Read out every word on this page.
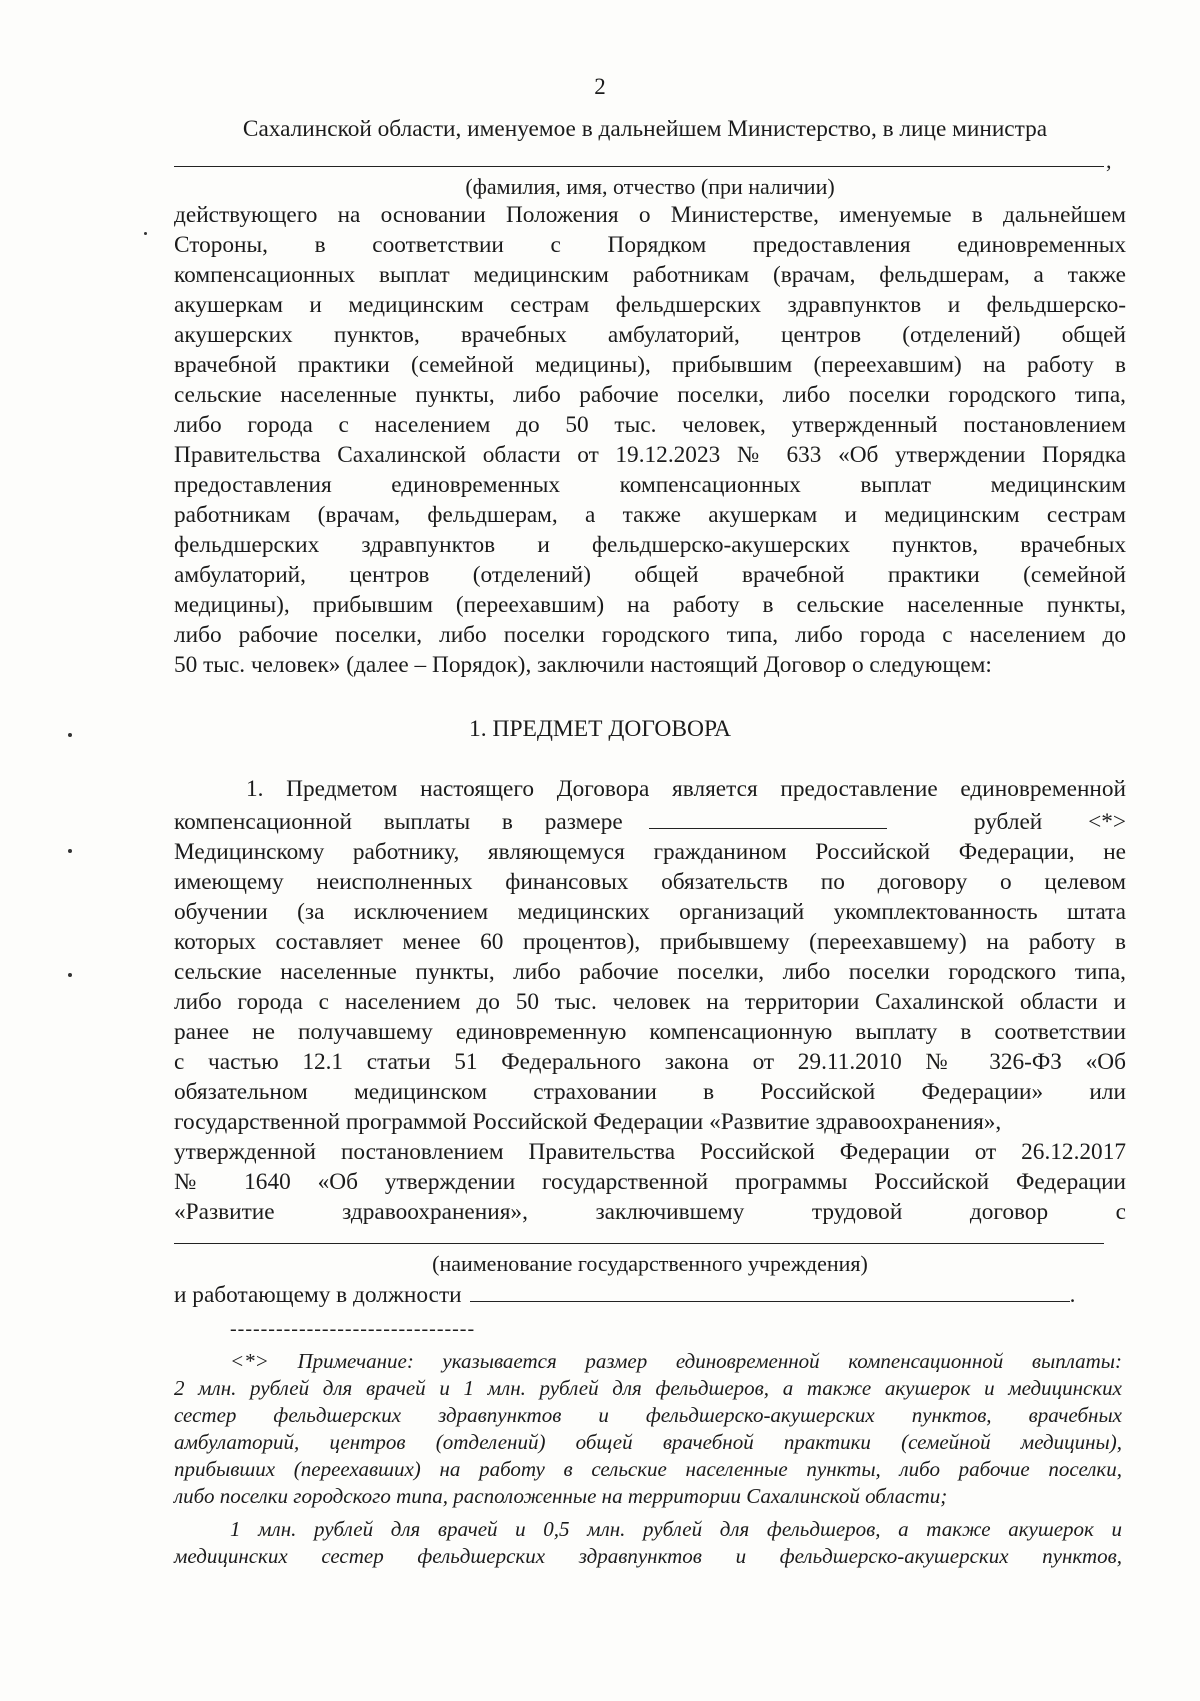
2

Сахалинской области, именуемое в дальнейшем Министерство, в лице министра

,

(фамилия, имя, отчество (при наличии)

действующего на основании Положения о Министерстве, именуемые в дальнейшем

Стороны, в соответствии с Порядком предоставления единовременных

компенсационных выплат медицинским работникам (врачам, фельдшерам, а также

акушеркам и медицинским сестрам фельдшерских здравпунктов и фельдшерско-

акушерских пунктов, врачебных амбулаторий, центров (отделений) общей

врачебной практики (семейной медицины), прибывшим (переехавшим) на работу в

сельские населенные пункты, либо рабочие поселки, либо поселки городского типа,

либо города с населением до 50 тыс. человек, утвержденный постановлением

Правительства Сахалинской области от 19.12.2023 № 633 «Об утверждении Порядка

предоставления единовременных компенсационных выплат медицинским

работникам (врачам, фельдшерам, а также акушеркам и медицинским сестрам

фельдшерских здравпунктов и фельдшерско-акушерских пунктов, врачебных

амбулаторий, центров (отделений) общей врачебной практики (семейной

медицины), прибывшим (переехавшим) на работу в сельские населенные пункты,

либо рабочие поселки, либо поселки городского типа, либо города с населением до

50 тыс. человек» (далее – Порядок), заключили настоящий Договор о следующем:

1. ПРЕДМЕТ ДОГОВОРА

1. Предметом настоящего Договора является предоставление единовременной

компенсационной выплаты в размере	рублей <*>

Медицинскому работнику, являющемуся гражданином Российской Федерации, не

имеющему неисполненных финансовых обязательств по договору о целевом

обучении (за исключением медицинских организаций укомплектованность штата

которых составляет менее 60 процентов), прибывшему (переехавшему) на работу в

сельские населенные пункты, либо рабочие поселки, либо поселки городского типа,

либо города с населением до 50 тыс. человек на территории Сахалинской области и

ранее не получавшему единовременную компенсационную выплату в соответствии

с частью 12.1 статьи 51 Федерального закона от 29.11.2010 № 326-ФЗ «Об

обязательном медицинском страховании в Российской Федерации» или

государственной программой Российской Федерации «Развитие здравоохранения»,

утвержденной постановлением Правительства Российской Федерации от 26.12.2017

№ 1640 «Об утверждении государственной программы Российской Федерации

«Развитие здравоохранения», заключившему трудовой договор с

(наименование государственного учреждения)

и работающему в должности	.
--------------------------------

<*> Примечание: указывается размер единовременной компенсационной выплаты:

2 млн. рублей для врачей и 1 млн. рублей для фельдшеров, а также акушерок и медицинских

сестер фельдшерских здравпунктов и фельдшерско-акушерских пунктов, врачебных

амбулаторий, центров (отделений) общей врачебной практики (семейной медицины),

прибывших (переехавших) на работу в сельские населенные пункты, либо рабочие поселки,

либо поселки городского типа, расположенные на территории Сахалинской области;

1 млн. рублей для врачей и 0,5 млн. рублей для фельдшеров, а также акушерок и

медицинских сестер фельдшерских здравпунктов и фельдшерско-акушерских пунктов,
